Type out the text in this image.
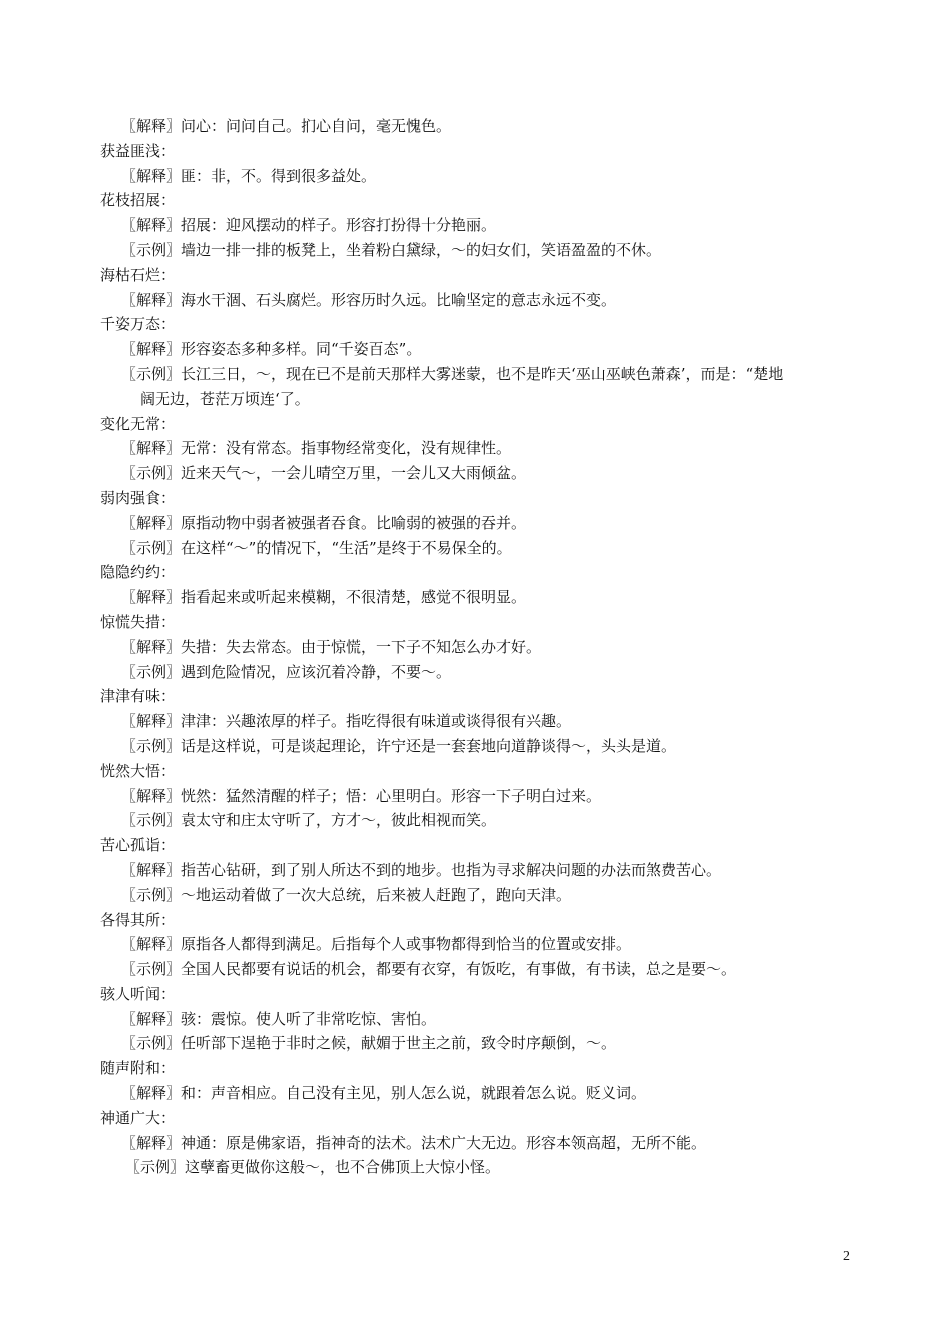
〖解释〗问心：问问自己。扪心自问，毫无愧色。
获益匪浅：
〖解释〗匪：非，不。得到很多益处。
花枝招展：
〖解释〗招展：迎风摆动的样子。形容打扮得十分艳丽。
〖示例〗墙边一排一排的板凳上，坐着粉白黛绿，～的妇女们，笑语盈盈的不休。
海枯石烂：
〖解释〗海水干涸、石头腐烂。形容历时久远。比喻坚定的意志永远不变。
千姿万态：
〖解释〗形容姿态多种多样。同“千姿百态”。
〖示例〗长江三日，～，现在已不是前天那样大雾迷蒙，也不是昨天‘巫山巫峡色萧森’，而是：“楚地
阔无边，苍茫万顷连‘了。
变化无常：
〖解释〗无常：没有常态。指事物经常变化，没有规律性。
〖示例〗近来天气～，一会儿晴空万里，一会儿又大雨倾盆。
弱肉强食：
〖解释〗原指动物中弱者被强者吞食。比喻弱的被强的吞并。
〖示例〗在这样“～”的情况下，“生活”是终于不易保全的。
隐隐约约：
〖解释〗指看起来或听起来模糊，不很清楚，感觉不很明显。
惊慌失措：
〖解释〗失措：失去常态。由于惊慌，一下子不知怎么办才好。
〖示例〗遇到危险情况，应该沉着冷静，不要～。
津津有味：
〖解释〗津津：兴趣浓厚的样子。指吃得很有味道或谈得很有兴趣。
〖示例〗话是这样说，可是谈起理论，许宁还是一套套地向道静谈得～，头头是道。
恍然大悟：
〖解释〗恍然：猛然清醒的样子；悟：心里明白。形容一下子明白过来。
〖示例〗袁太守和庄太守听了，方才～，彼此相视而笑。
苦心孤诣：
〖解释〗指苦心钻研，到了别人所达不到的地步。也指为寻求解决问题的办法而煞费苦心。
〖示例〗～地运动着做了一次大总统，后来被人赶跑了，跑向天津。
各得其所：
〖解释〗原指各人都得到满足。后指每个人或事物都得到恰当的位置或安排。
〖示例〗全国人民都要有说话的机会，都要有衣穿，有饭吃，有事做，有书读，总之是要～。
骇人听闻：
〖解释〗骇：震惊。使人听了非常吃惊、害怕。
〖示例〗任听部下逞艳于非时之候，献媚于世主之前，致令时序颠倒，～。
随声附和：
〖解释〗和：声音相应。自己没有主见，别人怎么说，就跟着怎么说。贬义词。
神通广大：
〖解释〗神通：原是佛家语，指神奇的法术。法术广大无边。形容本领高超，无所不能。
〖示例〗这孽畜更做你这般～，也不合佛顶上大惊小怪。
2
